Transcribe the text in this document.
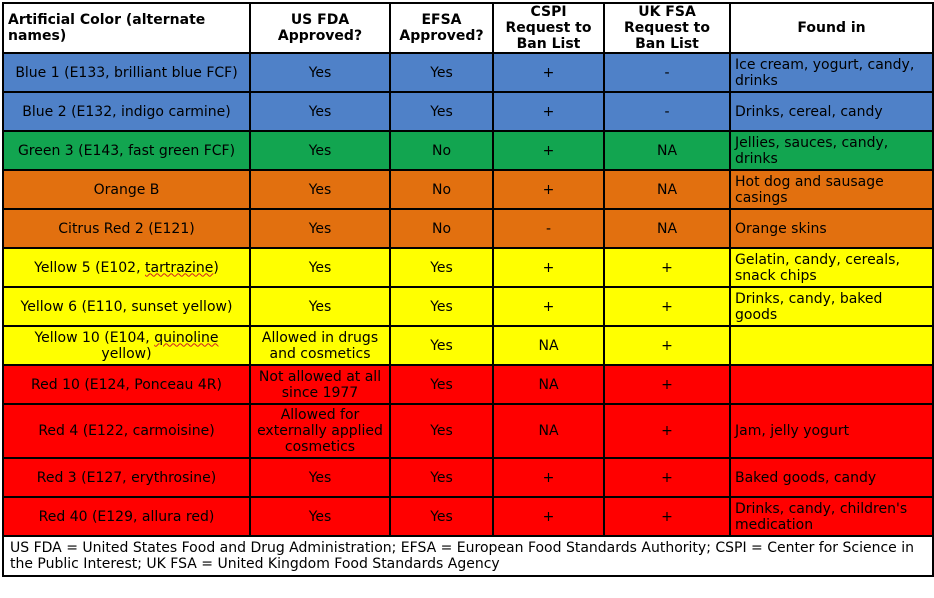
Artificial Color (alternate names)	US FDA Approved?	EFSA Approved?	CSPI Request to Ban List	UK FSA Request to Ban List	Found in
Blue 1 (E133, brilliant blue FCF)	Yes	Yes	+	-	Ice cream, yogurt, candy, drinks
Blue 2 (E132, indigo carmine)	Yes	Yes	+	-	Drinks, cereal, candy
Green 3 (E143, fast green FCF)	Yes	No	+	NA	Jellies, sauces, candy, drinks
Orange B	Yes	No	+	NA	Hot dog and sausage casings
Citrus Red 2 (E121)	Yes	No	-	NA	Orange skins
Yellow 5 (E102, tartrazine)	Yes	Yes	+	+	Gelatin, candy, cereals, snack chips
Yellow 6 (E110, sunset yellow)	Yes	Yes	+	+	Drinks, candy, baked goods
Yellow 10 (E104, quinoline yellow)	Allowed in drugs and cosmetics	Yes	NA	+	
Red 10 (E124, Ponceau 4R)	Not allowed at all since 1977	Yes	NA	+	
Red 4 (E122, carmoisine)	Allowed for externally applied cosmetics	Yes	NA	+	Jam, jelly yogurt
Red 3 (E127, erythrosine)	Yes	Yes	+	+	Baked goods, candy
Red 40 (E129, allura red)	Yes	Yes	+	+	Drinks, candy, children's medication
US FDA = United States Food and Drug Administration; EFSA = European Food Standards Authority; CSPI = Center for Science in the Public Interest; UK FSA = United Kingdom Food Standards Agency					
